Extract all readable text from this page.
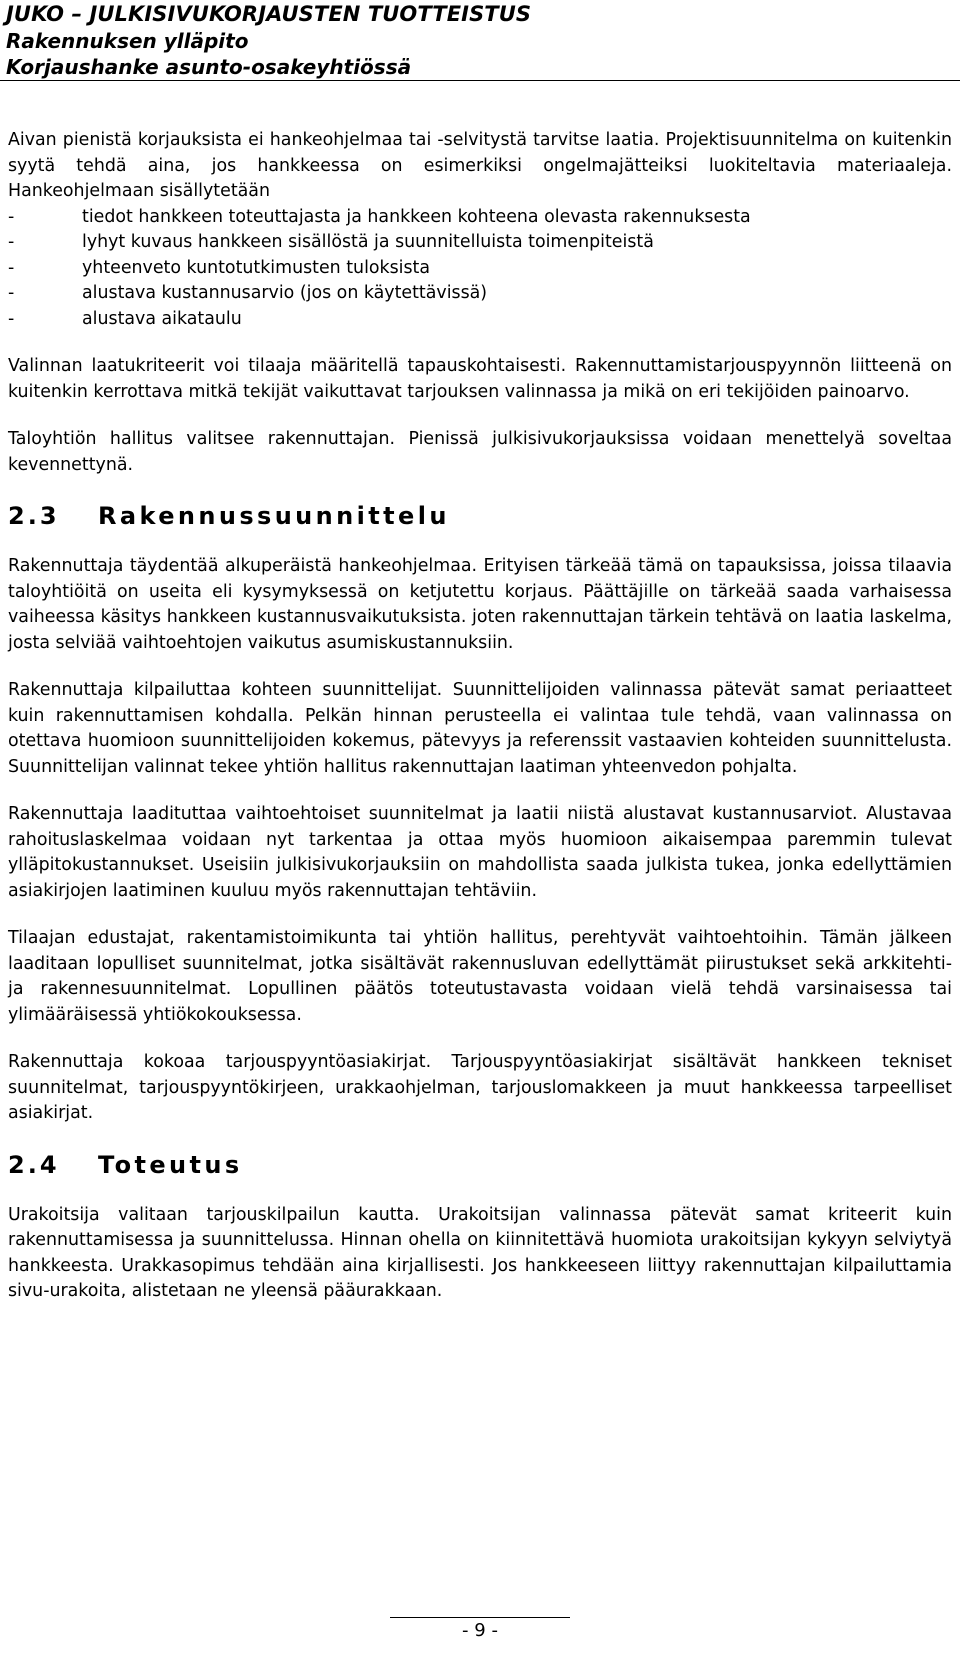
JUKO – JULKISIVUKORJAUSTEN TUOTTEISTUS
Rakennuksen ylläpito
Korjaushanke asunto-osakeyhtiössä

Aivan pienistä korjauksista ei hankeohjelmaa tai -selvitystä tarvitse laatia. Projektisuunnitelma on kuitenkin syytä tehdä aina, jos hankkeessa on esimerkiksi ongelmajätteiksi luokiteltavia materiaaleja. Hankeohjelmaan sisällytetään

-	tiedot hankkeen toteuttajasta ja hankkeen kohteena olevasta rakennuksesta
-	lyhyt kuvaus hankkeen sisällöstä ja suunnitelluista toimenpiteistä
-	yhteenveto kuntotutkimusten tuloksista
-	alustava kustannusarvio (jos on käytettävissä)
-	alustava aikataulu

Valinnan laatukriteerit voi tilaaja määritellä tapauskohtaisesti. Rakennuttamistarjouspyynnön liitteenä on kuitenkin kerrottava mitkä tekijät vaikuttavat tarjouksen valinnassa ja mikä on eri tekijöiden painoarvo.

Taloyhtiön hallitus valitsee rakennuttajan. Pienissä julkisivukorjauksissa voidaan menettelyä soveltaa kevennettynä.

2.3 Rakennussuunnittelu

Rakennuttaja täydentää alkuperäistä hankeohjelmaa. Erityisen tärkeää tämä on tapauksissa, joissa tilaavia taloyhtiöitä on useita eli kysymyksessä on ketjutettu korjaus. Päättäjille on tärkeää saada varhaisessa vaiheessa käsitys hankkeen kustannusvaikutuksista. joten rakennuttajan tärkein tehtävä on laatia laskelma, josta selviää vaihtoehtojen vaikutus asumiskustannuksiin.

Rakennuttaja kilpailuttaa kohteen suunnittelijat. Suunnittelijoiden valinnassa pätevät samat periaatteet kuin rakennuttamisen kohdalla. Pelkän hinnan perusteella ei valintaa tule tehdä, vaan valinnassa on otettava huomioon suunnittelijoiden kokemus, pätevyys ja referenssit vastaavien kohteiden suunnittelusta. Suunnittelijan valinnat tekee yhtiön hallitus rakennuttajan laatiman yhteenvedon pohjalta.

Rakennuttaja laadituttaa vaihtoehtoiset suunnitelmat ja laatii niistä alustavat kustannusarviot. Alustavaa rahoituslaskelmaa voidaan nyt tarkentaa ja ottaa myös huomioon aikaisempaa paremmin tulevat ylläpitokustannukset. Useisiin julkisivukorjauksiin on mahdollista saada julkista tukea, jonka edellyttämien asiakirjojen laatiminen kuuluu myös rakennuttajan tehtäviin.

Tilaajan edustajat, rakentamistoimikunta tai yhtiön hallitus, perehtyvät vaihtoehtoihin. Tämän jälkeen laaditaan lopulliset suunnitelmat, jotka sisältävät rakennusluvan edellyttämät piirustukset sekä arkkitehti- ja rakennesuunnitelmat. Lopullinen päätös toteutustavasta voidaan vielä tehdä varsinaisessa tai ylimääräisessä yhtiökokouksessa.

Rakennuttaja kokoaa tarjouspyyntöasiakirjat. Tarjouspyyntöasiakirjat sisältävät hankkeen tekniset suunnitelmat, tarjouspyyntökirjeen, urakkaohjelman, tarjouslomakkeen ja muut hankkeessa tarpeelliset asiakirjat.

2.4 Toteutus

Urakoitsija valitaan tarjouskilpailun kautta. Urakoitsijan valinnassa pätevät samat kriteerit kuin rakennuttamisessa ja suunnittelussa. Hinnan ohella on kiinnitettävä huomiota urakoitsijan kykyyn selviytyä hankkeesta. Urakkasopimus tehdään aina kirjallisesti. Jos hankkeeseen liittyy rakennuttajan kilpailuttamia sivu-urakoita, alistetaan ne yleensä pääurakkaan.

- 9 -
